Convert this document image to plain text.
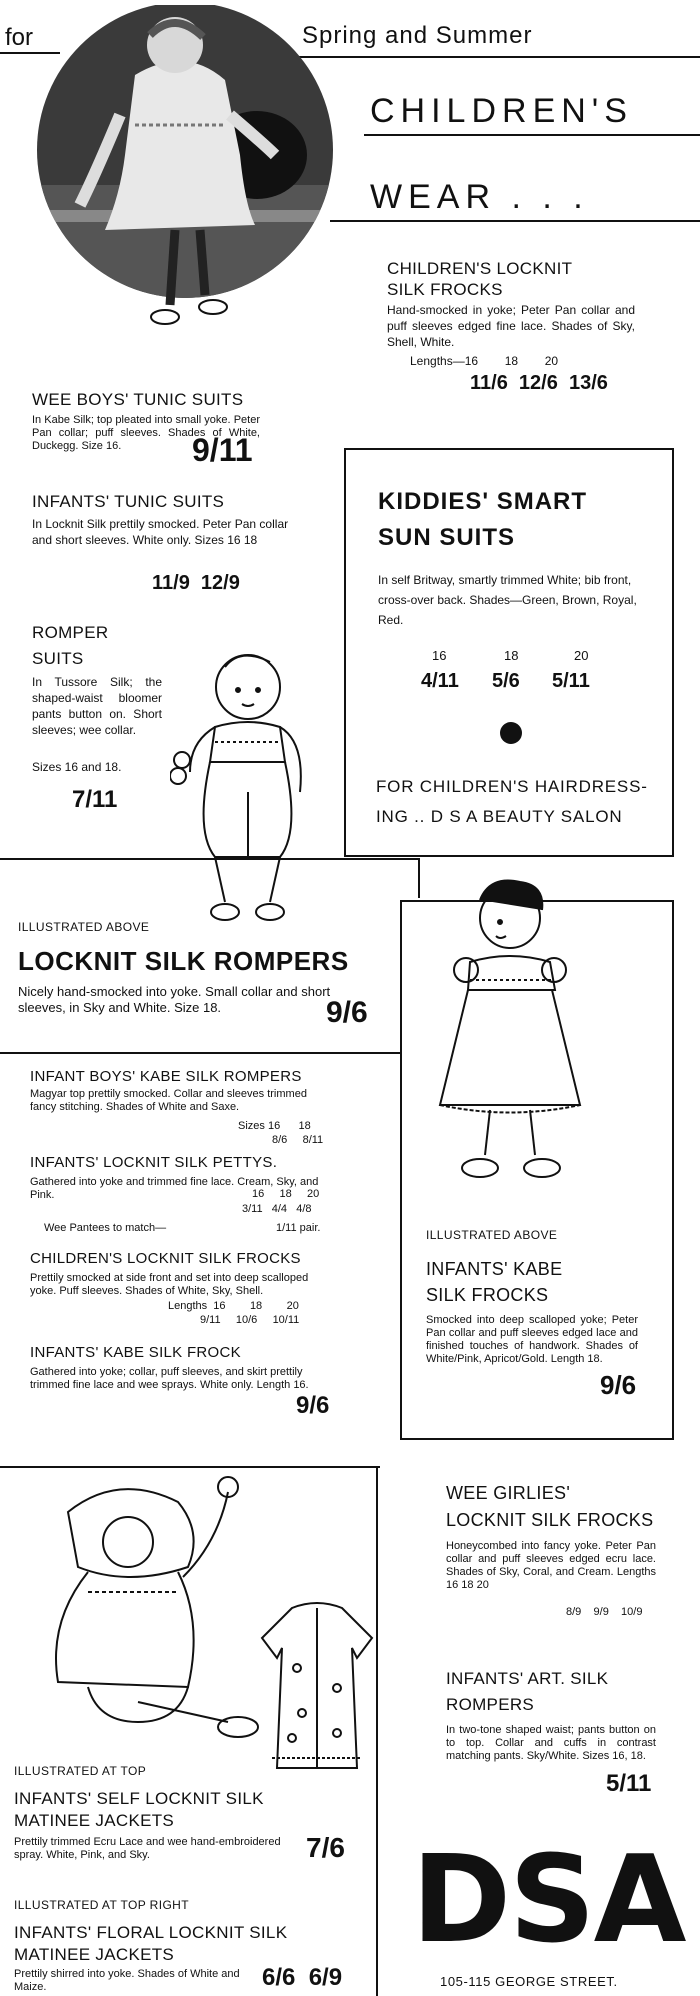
for	Spring and Summer
CHILDREN'S
WEAR . . .
CHILDREN'S LOCKNIT
SILK FROCKS
Hand-smocked in yoke; Peter Pan collar and puff sleeves edged fine lace. Shades of Sky, Shell, White.
Lengths—16        18        20
11/6  12/6  13/6
WEE BOYS' TUNIC SUITS
In Kabe Silk; top pleated into small yoke. Peter Pan collar; puff sleeves. Shades of White, Duckegg. Size 16.	9/11
INFANTS' TUNIC SUITS
In Locknit Silk prettily smocked. Peter Pan collar and short sleeves. White only. Sizes 16 18
11/9  12/9
ROMPER
SUITS
In Tussore Silk; the shaped-waist bloomer pants button on. Short sleeves; wee collar.
Sizes 16 and 18.
7/11
KIDDIES' SMART
SUN SUITS
In self Britway, smartly trimmed White; bib front, cross-over back. Shades—Green, Brown, Royal, Red.
16	18	20
4/11 5/6 5/11
FOR CHILDREN'S HAIRDRESS-
ING .. D S A BEAUTY SALON
ILLUSTRATED ABOVE
LOCKNIT SILK ROMPERS
Nicely hand-smocked into yoke. Small collar and short sleeves, in Sky and White. Size 18.	9/6
INFANT BOYS' KABE SILK ROMPERS
Magyar top prettily smocked. Collar and sleeves trimmed fancy stitching. Shades of White and Saxe.
Sizes 16      18
8/6     8/11
INFANTS' LOCKNIT SILK PETTYS.
Gathered into yoke and trimmed fine lace. Cream, Sky, and Pink.	16     18     20
3/11   4/4   4/8
Wee Pantees to match—	1/11 pair.
CHILDREN'S LOCKNIT SILK FROCKS
Prettily smocked at side front and set into deep scalloped yoke. Puff sleeves. Shades of White, Sky, Shell.
Lengths  16        18        20
9/11     10/6     10/11
INFANTS' KABE SILK FROCK
Gathered into yoke; collar, puff sleeves, and skirt prettily trimmed fine lace and wee sprays. White only. Length 16.
9/6
ILLUSTRATED ABOVE
INFANTS' KABE
SILK FROCKS
Smocked into deep scalloped yoke; Peter Pan collar and puff sleeves edged lace and finished touches of handwork. Shades of White/Pink, Apricot/Gold. Length 18.
9/6
WEE GIRLIES'
LOCKNIT SILK FROCKS
Honeycombed into fancy yoke. Peter Pan collar and puff sleeves edged ecru lace. Shades of Sky, Coral, and Cream. Lengths 16 18 20
8/9    9/9    10/9
INFANTS' ART. SILK
ROMPERS
In two-tone shaped waist; pants button on to top. Collar and cuffs in contrast matching pants. Sky/White. Sizes 16, 18.
5/11
ILLUSTRATED AT TOP
INFANTS' SELF LOCKNIT SILK
MATINEE JACKETS
Prettily trimmed Ecru Lace and wee hand-embroidered spray. White, Pink, and Sky.	7/6
ILLUSTRATED AT TOP RIGHT
INFANTS' FLORAL LOCKNIT SILK
MATINEE JACKETS
Prettily shirred into yoke. Shades of White and Maize.	6/6  6/9
DSA
105-115 GEORGE STREET.
